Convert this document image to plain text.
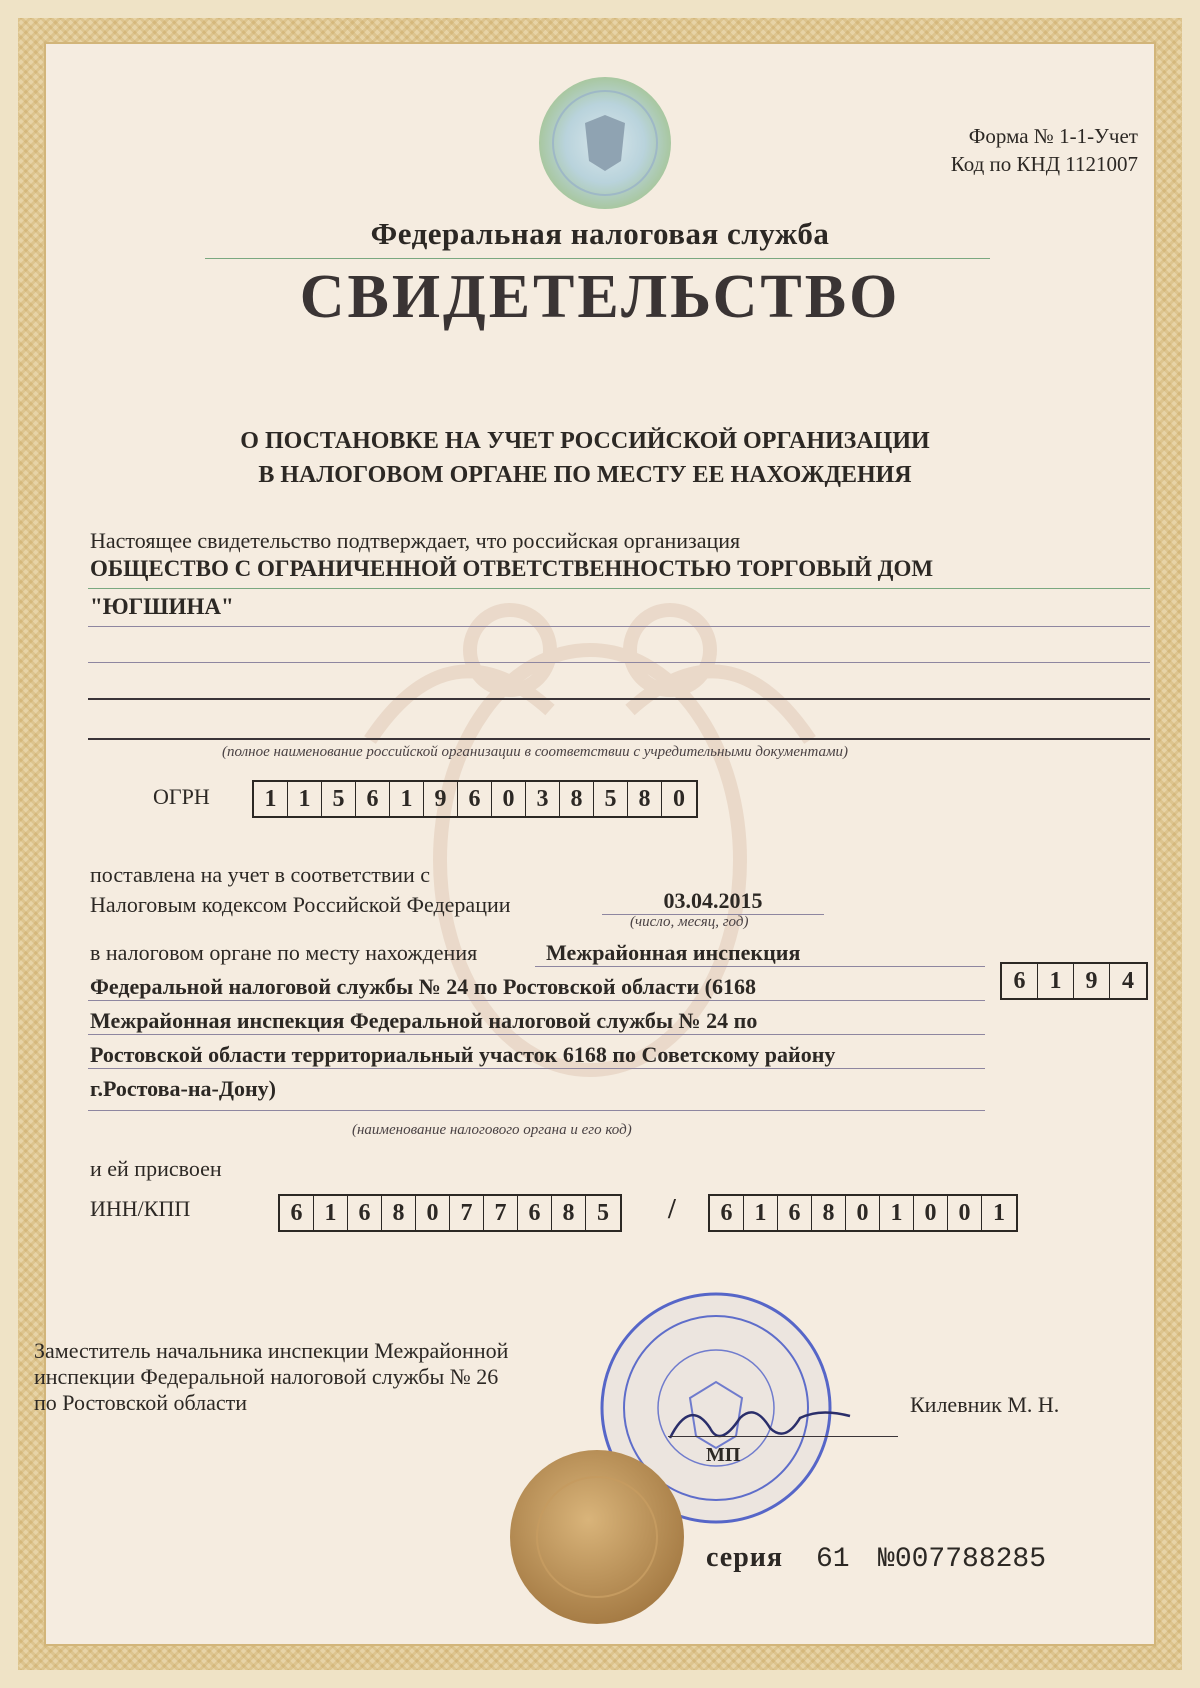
Форма № 1-1-Учет
Код по КНД 1121007
Федеральная налоговая служба
СВИДЕТЕЛЬСТВО
О ПОСТАНОВКЕ НА УЧЕТ РОССИЙСКОЙ ОРГАНИЗАЦИИ
В НАЛОГОВОМ ОРГАНЕ ПО МЕСТУ ЕЕ НАХОЖДЕНИЯ
Настоящее свидетельство подтверждает, что российская организация
ОБЩЕСТВО С ОГРАНИЧЕННОЙ ОТВЕТСТВЕННОСТЬЮ ТОРГОВЫЙ ДОМ
"ЮГШИНА"
(полное наименование российской организации в соответствии с учредительными документами)
ОГРН	1 1 5 6 1 9 6 0 3 8 5 8 0
поставлена на учет в соответствии с
Налоговым кодексом Российской Федерации	03.04.2015
(число, месяц, год)
в налоговом органе по месту нахождения	Межрайонная инспекция
Федеральной налоговой службы № 24 по Ростовской области (6168	6	1	9	4
Межрайонная инспекция Федеральной налоговой службы № 24 по
Ростовской области территориальный участок 6168 по Советскому району
г.Ростова-на-Дону)
(наименование налогового органа и его код)
и ей присвоен
ИНН/КПП	6 1 6 8 0 7 7 6 8 5	/	6 1 6 8 0 1 0 0 1
Заместитель начальника инспекции Межрайонной
инспекции Федеральной налоговой службы № 26
по Ростовской области
МП
Килевник М. Н.
серия 61 №007788285
